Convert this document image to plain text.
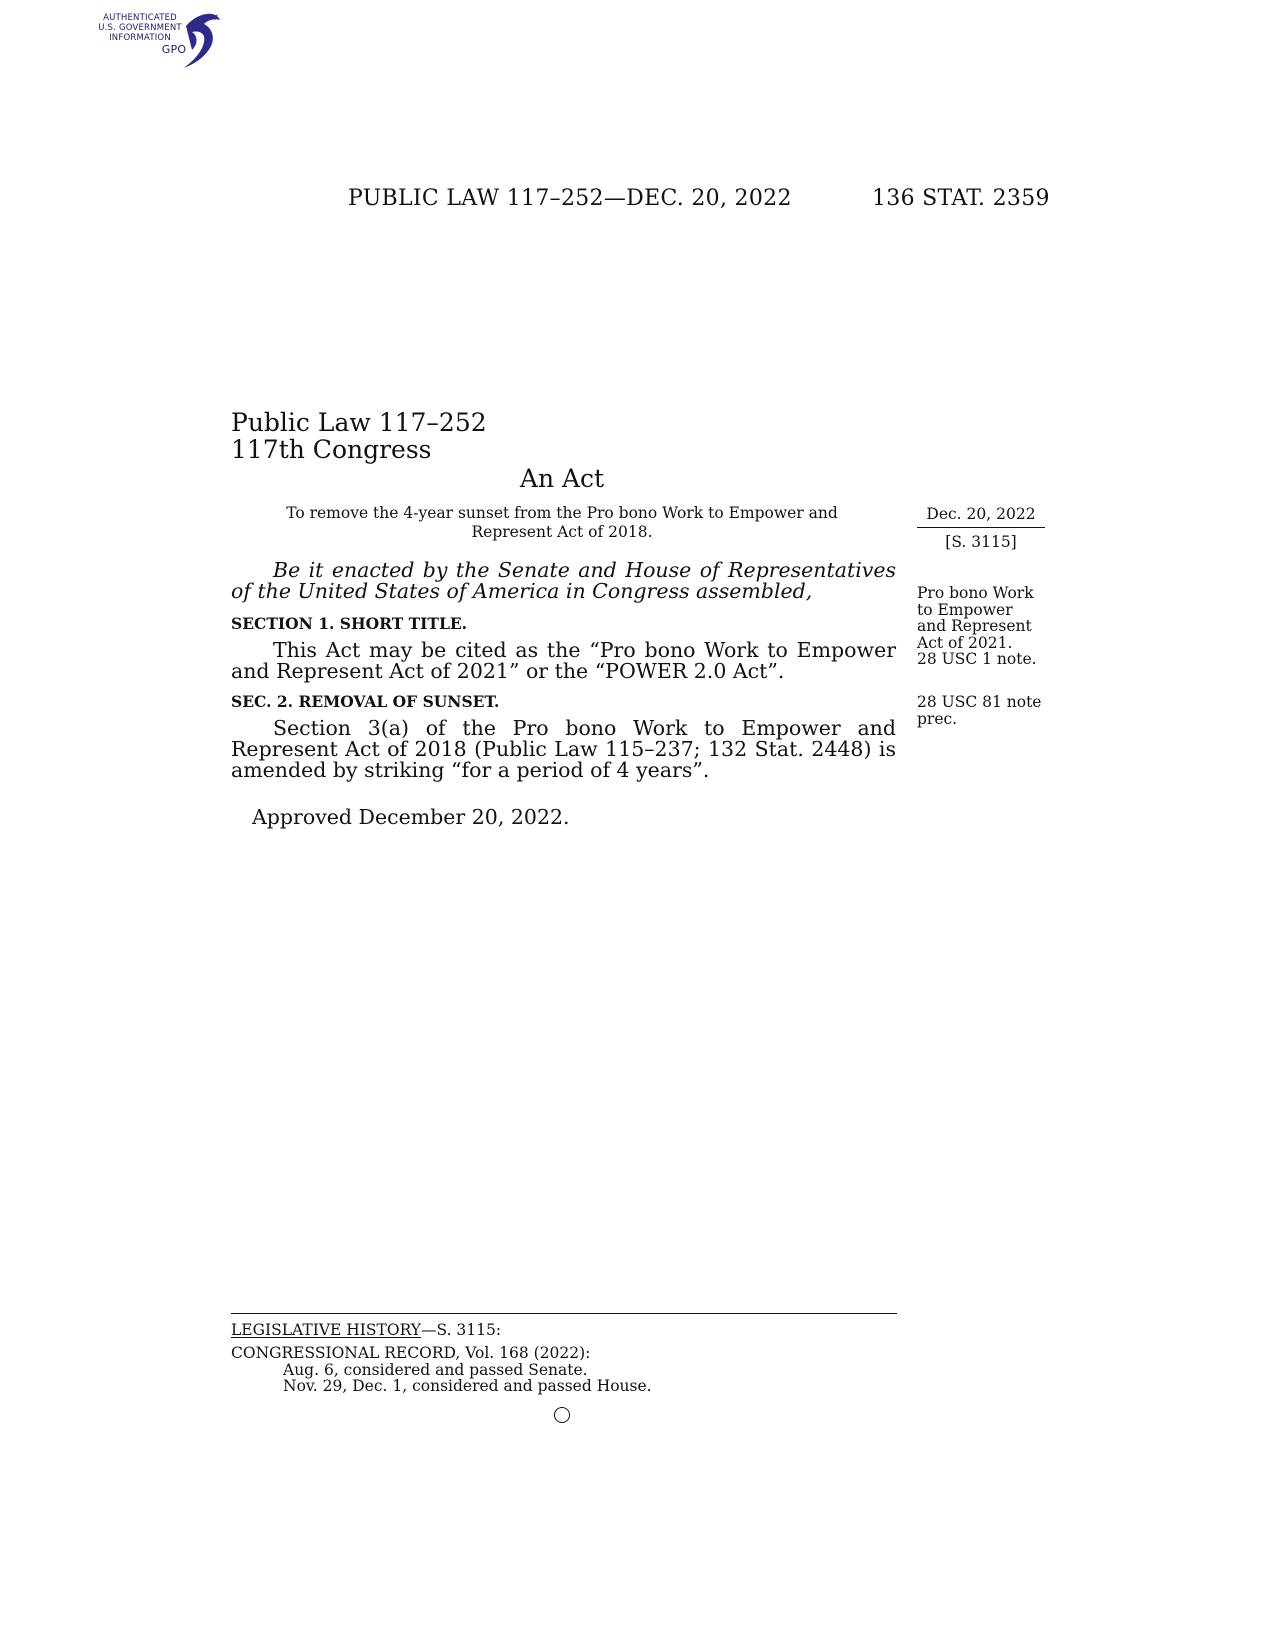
AUTHENTICATED
U.S. GOVERNMENT
INFORMATION
GPO
PUBLIC LAW 117–252—DEC. 20, 2022	136 STAT. 2359
Public Law 117–252
117th Congress
An Act
To remove the 4-year sunset from the Pro bono Work to Empower and Represent Act of 2018.
Dec. 20, 2022
[S. 3115]
Be it enacted by the Senate and House of Representatives of the United States of America in Congress assembled,
SECTION 1. SHORT TITLE.
This Act may be cited as the “Pro bono Work to Empower and Represent Act of 2021” or the “POWER 2.0 Act”.
SEC. 2. REMOVAL OF SUNSET.
Section 3(a) of the Pro bono Work to Empower and Represent Act of 2018 (Public Law 115–237; 132 Stat. 2448) is amended by striking “for a period of 4 years”.
Approved December 20, 2022.
Pro bono Work
to Empower
and Represent
Act of 2021.
28 USC 1 note.
28 USC 81 note
prec.
LEGISLATIVE HISTORY—S. 3115:
CONGRESSIONAL RECORD, Vol. 168 (2022):
Aug. 6, considered and passed Senate.
Nov. 29, Dec. 1, considered and passed House.
